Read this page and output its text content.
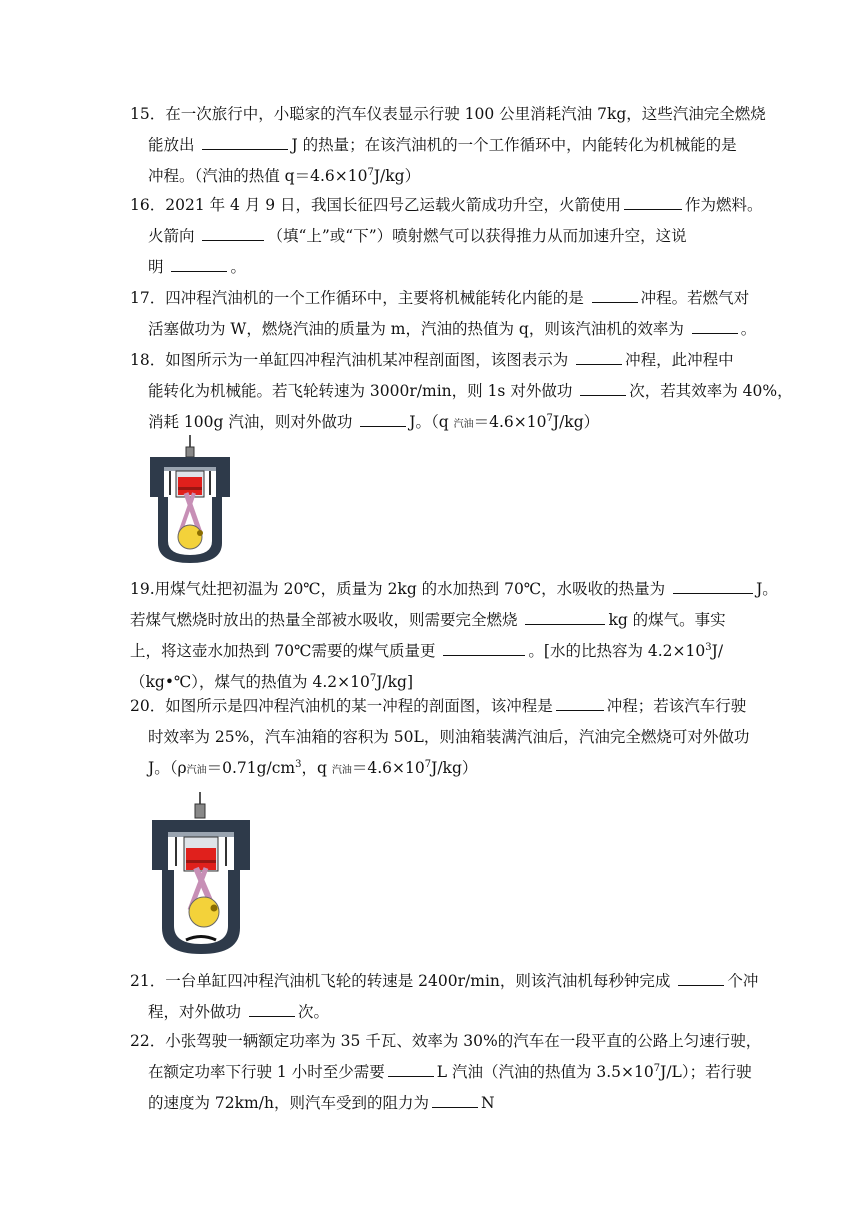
15．在一次旅行中，小聪家的汽车仪表显示行驶 100 公里消耗汽油 7kg，这些汽油完全燃烧
能放出	J 的热量；在该汽油机的一个工作循环中，内能转化为机械能的是
冲程。（汽油的热值 $q=4.6\times 10^7J/kg$）
16．2021 年 4 月 9 日，我国长征四号乙运载火箭成功升空，火箭使用	作为燃料。
火箭向	（填“上”或“下”）喷射燃气可以获得推力从而加速升空，这说
明	。
17．四冲程汽油机的一个工作循环中，主要将机械能转化内能的是	冲程。若燃气对
活塞做功为 W，燃烧汽油的质量为 m，汽油的热值为 q，则该汽油机的效率为	。
18．如图所示为一单缸四冲程汽油机某冲程剖面图，该图表示为	冲程，此冲程中
能转化为机械能。若飞轮转速为 3000r/min，则 1s 对外做功	次，若其效率为 40%，
消耗 100g 汽油，则对外做功	J。（q 汽油$=4.6\times 10^7J/kg$）
19.用煤气灶把初温为 20℃，质量为 2kg 的水加热到 70℃，水吸收的热量为	J。
若煤气燃烧时放出的热量全部被水吸收，则需要完全燃烧	kg 的煤气。事实
上，将这壶水加热到 70℃需要的煤气质量更	。[水的比热容为 $4.2\times 10^3J/$
（kg•℃），煤气的热值为 $4.2\times 10^7J/kg$]
20．如图所示是四冲程汽油机的某一冲程的剖面图，该冲程是	冲程；若该汽车行驶
时效率为 25%，汽车油箱的容积为 50L，则油箱装满汽油后，汽油完全燃烧可对外做功
J。（ρ汽油$=0.71g/cm^3$，q 汽油$=4.6\times 10^7J/kg$）
21．一台单缸四冲程汽油机飞轮的转速是 2400r/min，则该汽油机每秒钟完成	个冲
程，对外做功	次。
22．小张驾驶一辆额定功率为 35 千瓦、效率为 30%的汽车在一段平直的公路上匀速行驶，
在额定功率下行驶 1 小时至少需要	L 汽油（汽油的热值为 $3.5\times 10^7J/L$）；若行驶
的速度为 72km/h，则汽车受到的阻力为	N
